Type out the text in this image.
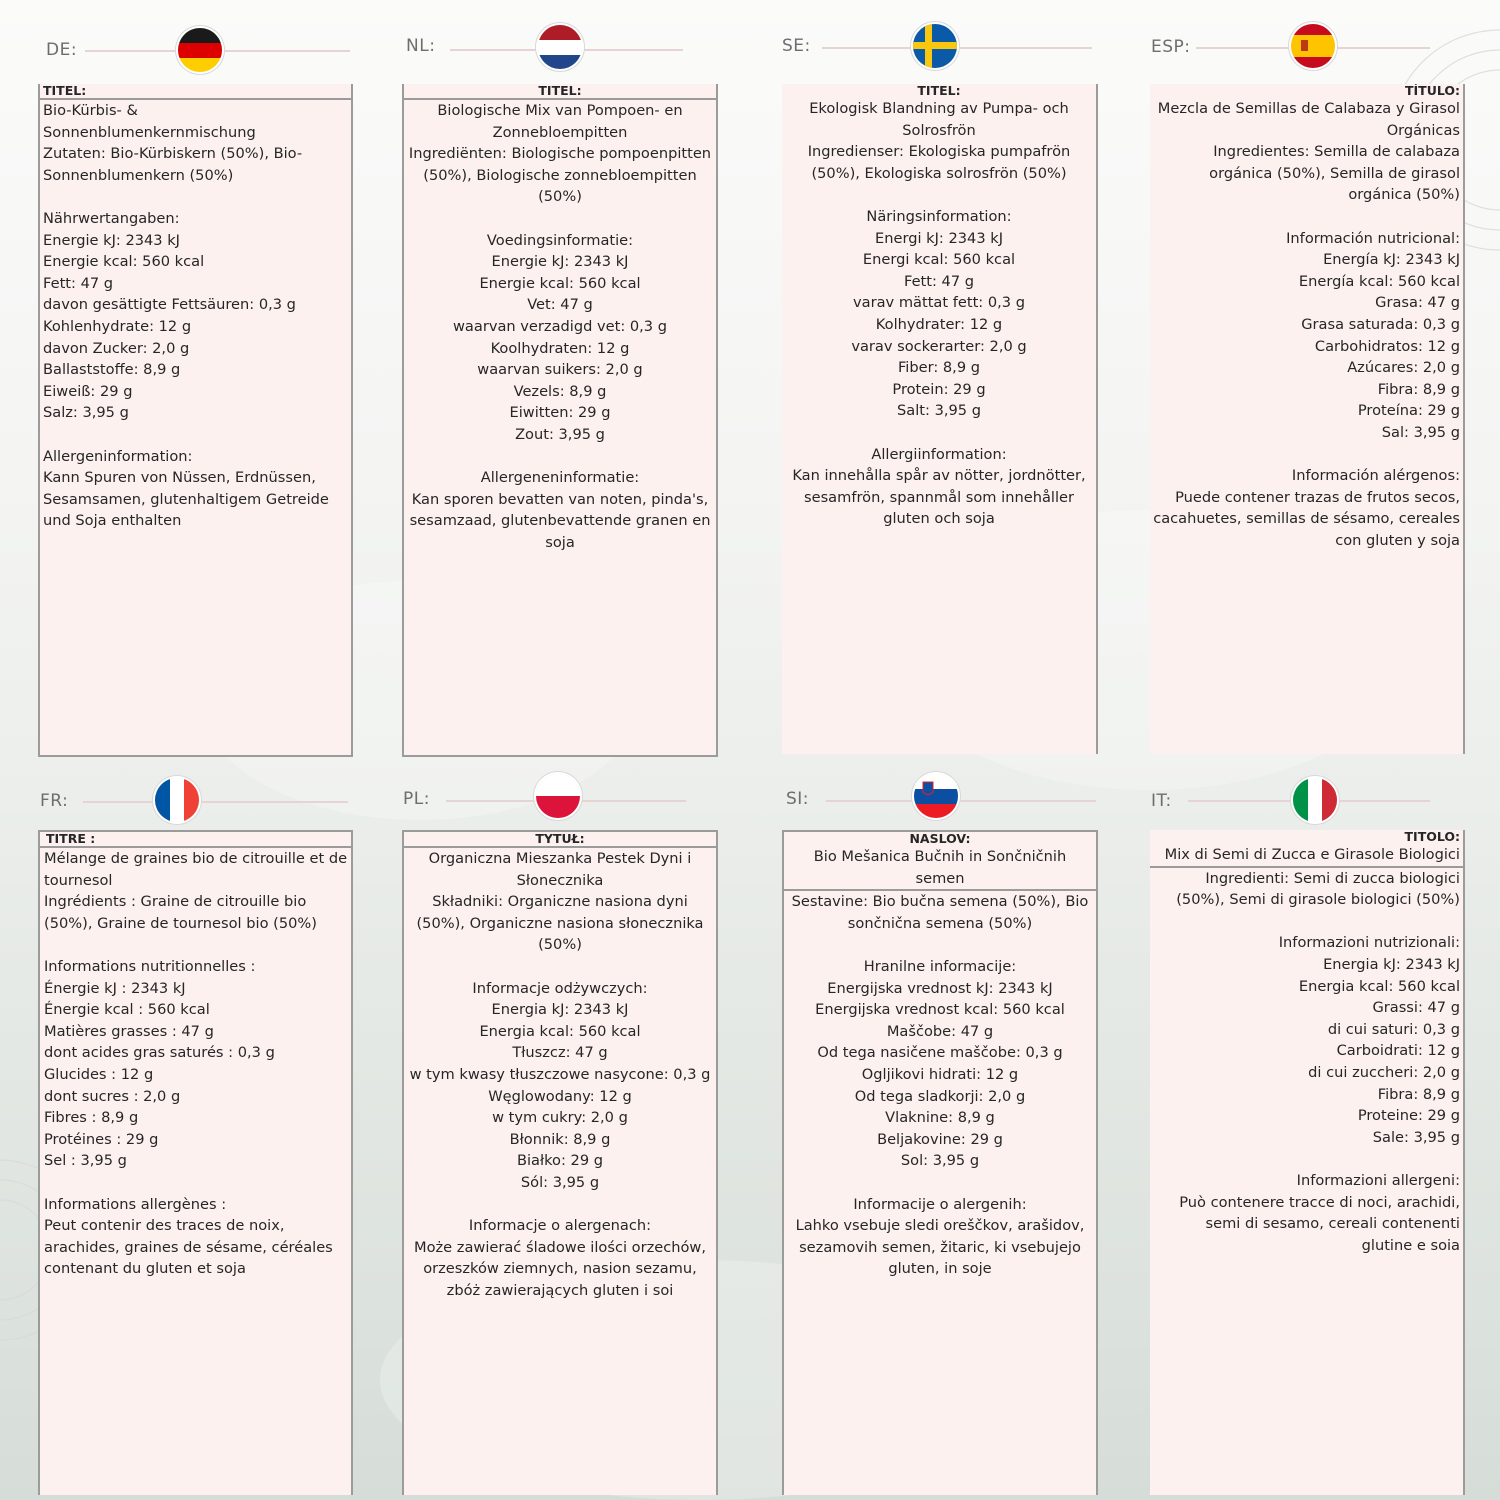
DE:
TITEL:
Bio-Kürbis- &
Sonnenblumenkernmischung
Zutaten: Bio-Kürbiskern (50%), Bio-Sonnenblumenkern (50%)

Nährwertangaben:
Energie kJ: 2343 kJ
Energie kcal: 560 kcal
Fett: 47 g
davon gesättigte Fettsäuren: 0,3 g
Kohlenhydrate: 12 g
davon Zucker: 2,0 g
Ballaststoffe: 8,9 g
Eiweiß: 29 g
Salz: 3,95 g

Allergeninformation:
Kann Spuren von Nüssen, Erdnüssen, Sesamsamen, glutenhaltigem Getreide und Soja enthalten
NL:
TITEL:
Biologische Mix van Pompoen- en
Zonnebloempitten
Ingrediënten: Biologische pompoenpitten (50%), Biologische zonnebloempitten (50%)

Voedingsinformatie:
Energie kJ: 2343 kJ
Energie kcal: 560 kcal
Vet: 47 g
waarvan verzadigd vet: 0,3 g
Koolhydraten: 12 g
waarvan suikers: 2,0 g
Vezels: 8,9 g
Eiwitten: 29 g
Zout: 3,95 g

Allergeneninformatie:
Kan sporen bevatten van noten, pinda's, sesamzaad, glutenbevattende granen en soja
SE:
TITEL:
Ekologisk Blandning av Pumpa- och
Solrosfrön
Ingredienser: Ekologiska pumpafrön (50%), Ekologiska solrosfrön (50%)

Näringsinformation:
Energi kJ: 2343 kJ
Energi kcal: 560 kcal
Fett: 47 g
varav mättat fett: 0,3 g
Kolhydrater: 12 g
varav sockerarter: 2,0 g
Fiber: 8,9 g
Protein: 29 g
Salt: 3,95 g

Allergiinformation:
Kan innehålla spår av nötter, jordnötter, sesamfrön, spannmål som innehåller gluten och soja
ESP:
TÍTULO:
Mezcla de Semillas de Calabaza y Girasol
Orgánicas
Ingredientes: Semilla de calabaza orgánica (50%), Semilla de girasol orgánica (50%)

Información nutricional:
Energía kJ: 2343 kJ
Energía kcal: 560 kcal
Grasa: 47 g
Grasa saturada: 0,3 g
Carbohidratos: 12 g
Azúcares: 2,0 g
Fibra: 8,9 g
Proteína: 29 g
Sal: 3,95 g

Información alérgenos:
Puede contener trazas de frutos secos, cacahuetes, semillas de sésamo, cereales con gluten y soja
FR:
TITRE :
Mélange de graines bio de citrouille et de
tournesol
Ingrédients : Graine de citrouille bio (50%), Graine de tournesol bio (50%)

Informations nutritionnelles :
Énergie kJ : 2343 kJ
Énergie kcal : 560 kcal
Matières grasses : 47 g
dont acides gras saturés : 0,3 g
Glucides : 12 g
dont sucres : 2,0 g
Fibres : 8,9 g
Protéines : 29 g
Sel : 3,95 g

Informations allergènes :
Peut contenir des traces de noix, arachides, graines de sésame, céréales contenant du gluten et soja
PL:
TYTUŁ:
Organiczna Mieszanka Pestek Dyni i
Słonecznika
Składniki: Organiczne nasiona dyni (50%), Organiczne nasiona słonecznika (50%)

Informacje odżywczych:
Energia kJ: 2343 kJ
Energia kcal: 560 kcal
Tłuszcz: 47 g
w tym kwasy tłuszczowe nasycone: 0,3 g
Węglowodany: 12 g
w tym cukry: 2,0 g
Błonnik: 8,9 g
Białko: 29 g
Sól: 3,95 g

Informacje o alergenach:
Może zawierać śladowe ilości orzechów, orzeszków ziemnych, nasion sezamu, zbóż zawierających gluten i soi
SI:
NASLOV:
Bio Mešanica Bučnih in Sončničnih semen
Sestavine: Bio bučna semena (50%), Bio sončnična semena (50%)

Hranilne informacije:
Energijska vrednost kJ: 2343 kJ
Energijska vrednost kcal: 560 kcal
Maščobe: 47 g
Od tega nasičene maščobe: 0,3 g
Ogljikovi hidrati: 12 g
Od tega sladkorji: 2,0 g
Vlaknine: 8,9 g
Beljakovine: 29 g
Sol: 3,95 g

Informacije o alergenih:
Lahko vsebuje sledi oreščkov, arašidov, sezamovih semen, žitaric, ki vsebujejo gluten, in soje
IT:
TITOLO:
Mix di Semi di Zucca e Girasole Biologici
Ingredienti: Semi di zucca biologici (50%), Semi di girasole biologici (50%)

Informazioni nutrizionali:
Energia kJ: 2343 kJ
Energia kcal: 560 kcal
Grassi: 47 g
di cui saturi: 0,3 g
Carboidrati: 12 g
di cui zuccheri: 2,0 g
Fibra: 8,9 g
Proteine: 29 g
Sale: 3,95 g

Informazioni allergeni:
Può contenere tracce di noci, arachidi, semi di sesamo, cereali contenenti glutine e soia
